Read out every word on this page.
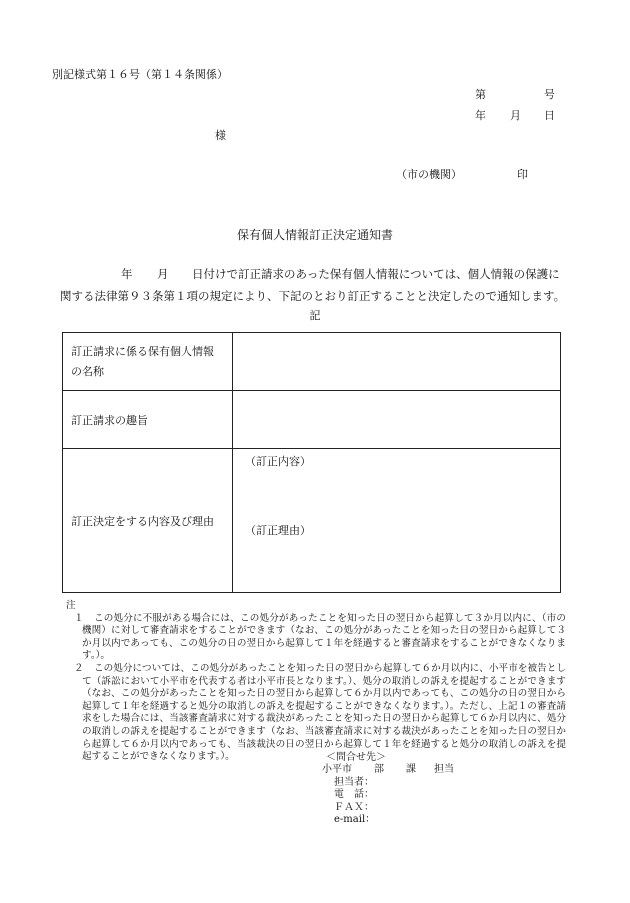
別記様式第１６号（第１４条関係）
第	号
年 月 日
様
（市の機関）	印
保有個人情報訂正決定通知書
年 月 日付けで訂正請求のあった保有個人情報については、個人情報の保護に
関する法律第９３条第１項の規定により、下記のとおり訂正することと決定したので通知します。
記
訂正請求に係る保有個人情報の名称	

訂正請求の趣旨	
訂正決定をする内容及び理由	（訂正内容）
（訂正理由）
注

１ この処分に不服がある場合には、この処分があったことを知った日の翌日から起算して３か月以内に、（市の機関）に対して審査請求をすることができます（なお、この処分があったことを知った日の翌日から起算して３か月以内であっても、この処分の日の翌日から起算して１年を経過すると審査請求をすることができなくなります。）。

２ この処分については、この処分があったことを知った日の翌日から起算して６か月以内に、小平市を被告として（訴訟において小平市を代表する者は小平市長となります。）、処分の取消しの訴えを提起することができます（なお、この処分があったことを知った日の翌日から起算して６か月以内であっても、この処分の日の翌日から起算して１年を経過すると処分の取消しの訴えを提起することができなくなります。）。ただし、上記１の審査請求をした場合には、当該審査請求に対する裁決があったことを知った日の翌日から起算して６か月以内に、処分の取消しの訴えを提起することができます（なお、当該審査請求に対する裁決があったことを知った日の翌日から起算して６か月以内であっても、当該裁決の日の翌日から起算して１年を経過すると処分の取消しの訴えを提起することができなくなります。）。	＜問合せ先＞
小平市 部 課 担当
担当者：
電　話：
ＦＡＸ：
e-mail：
